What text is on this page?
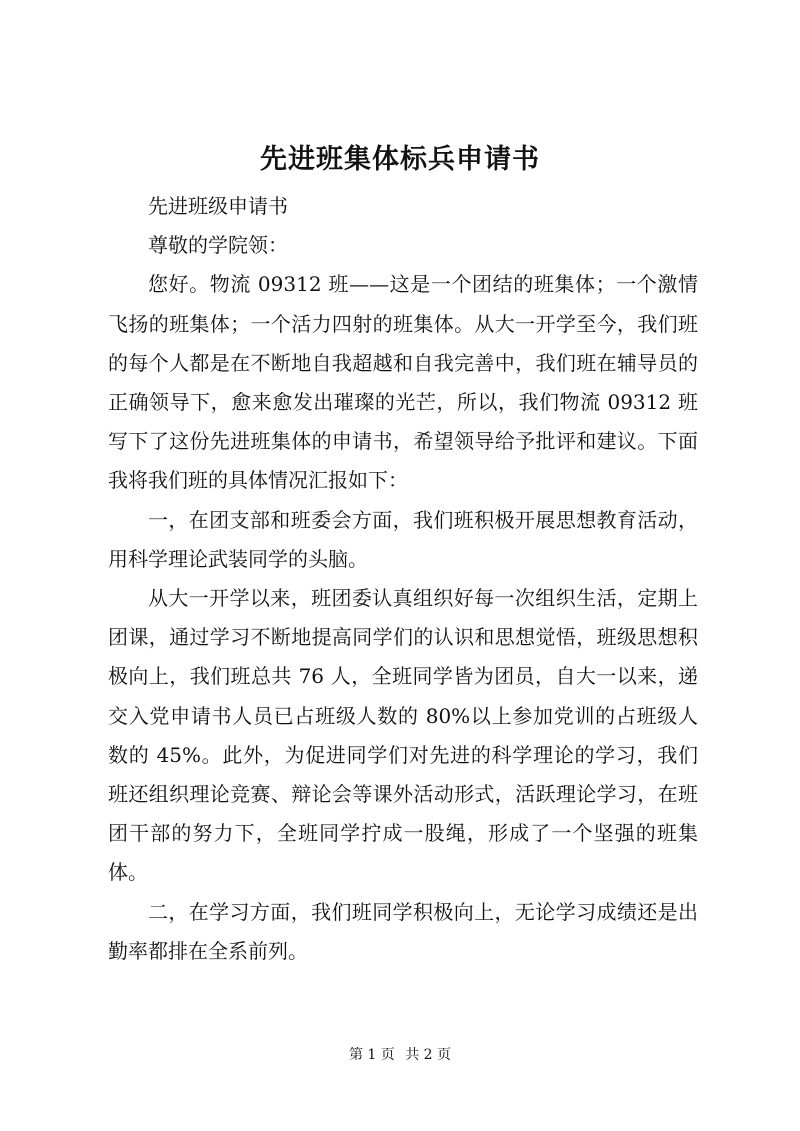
先进班集体标兵申请书

先进班级申请书

尊敬的学院领：

您好。物流 09312 班——这是一个团结的班集体；一个激情飞扬的班集体；一个活力四射的班集体。从大一开学至今，我们班的每个人都是在不断地自我超越和自我完善中，我们班在辅导员的正确领导下，愈来愈发出璀璨的光芒，所以，我们物流 09312 班写下了这份先进班集体的申请书，希望领导给予批评和建议。下面我将我们班的具体情况汇报如下：

一，在团支部和班委会方面，我们班积极开展思想教育活动，用科学理论武装同学的头脑。

从大一开学以来，班团委认真组织好每一次组织生活，定期上团课，通过学习不断地提高同学们的认识和思想觉悟，班级思想积极向上，我们班总共 76 人，全班同学皆为团员，自大一以来，递交入党申请书人员已占班级人数的 80%以上参加党训的占班级人数的 45%。此外，为促进同学们对先进的科学理论的学习，我们班还组织理论竞赛、辩论会等课外活动形式，活跃理论学习，在班团干部的努力下，全班同学拧成一股绳，形成了一个坚强的班集体。

二，在学习方面，我们班同学积极向上，无论学习成绩还是出勤率都排在全系前列。

第 1 页 共 2 页
